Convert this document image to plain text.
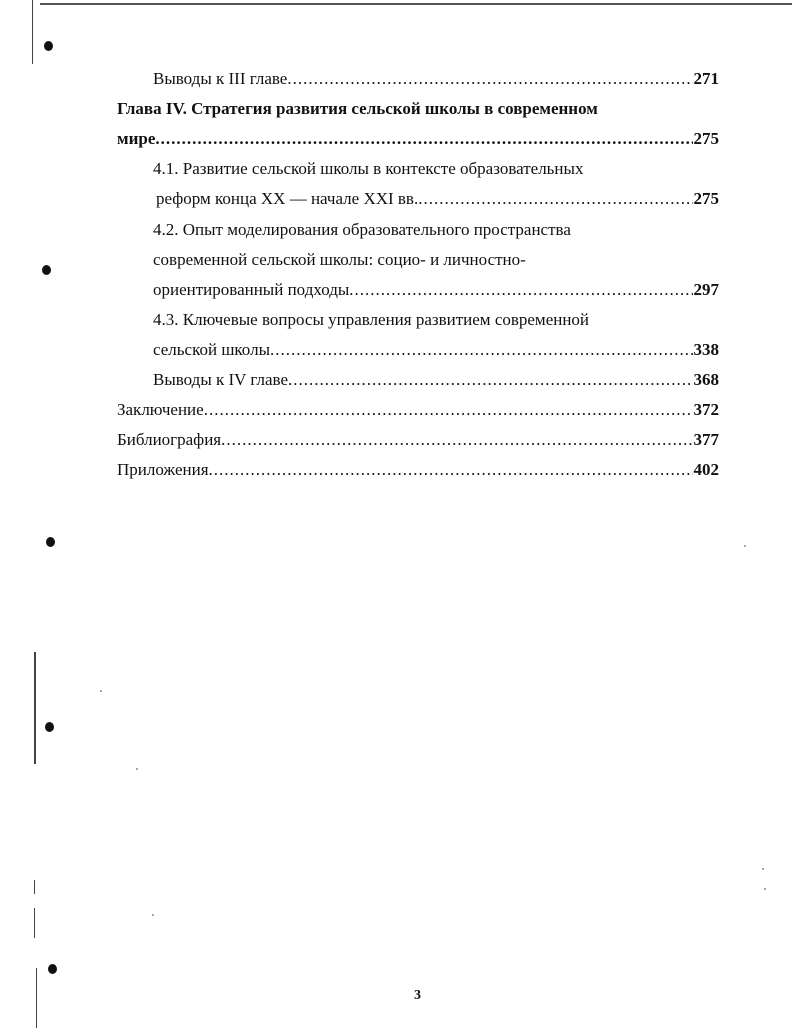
Выводы к III главе .....	271
Глава IV. Стратегия развития сельской школы в современном
мире .....	275
4.1. Развитие сельской школы в контексте образовательных
реформ конца XX — начале XXI вв. .....	275
4.2. Опыт моделирования образовательного пространства
современной сельской школы: социо- и личностно-
ориентированный подходы .....	297
4.3. Ключевые вопросы управления развитием современной
сельской школы .....	338
Выводы к IV главе .....	368
Заключение .....	372
Библиография .....	377
Приложения .....	402
3
